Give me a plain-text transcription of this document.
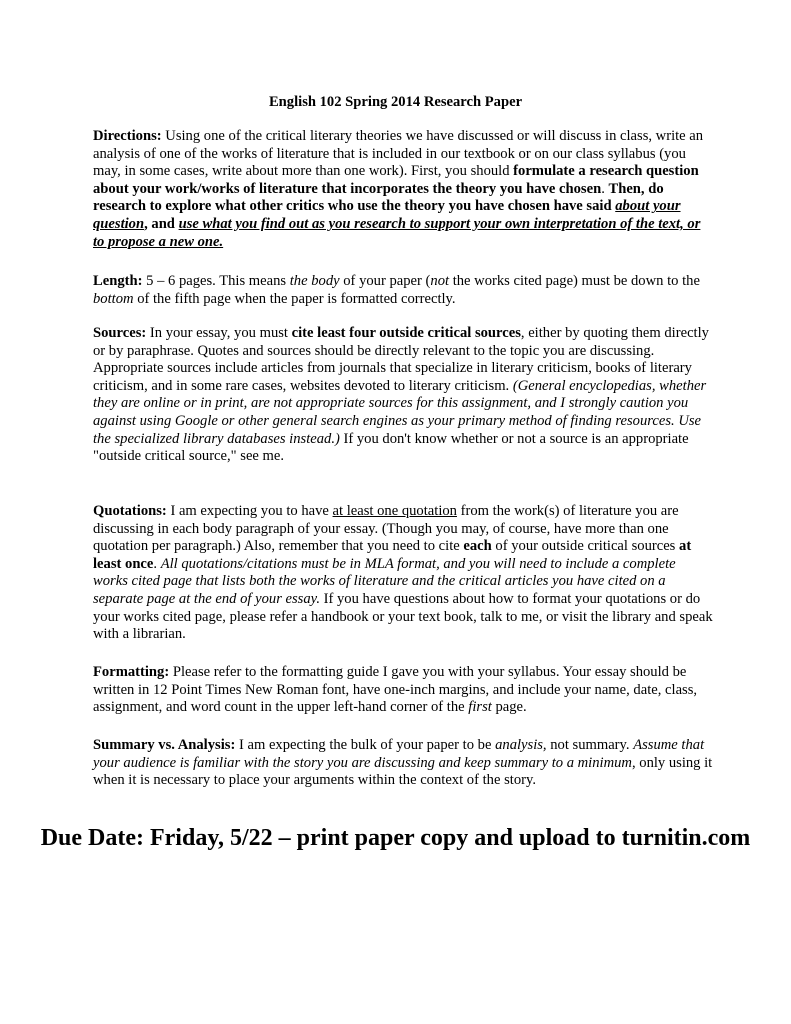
English 102 Spring 2014 Research Paper

Directions: Using one of the critical literary theories we have discussed or will discuss in class, write an analysis of one of the works of literature that is included in our textbook or on our class syllabus (you may, in some cases, write about more than one work). First, you should formulate a research question about your work/works of literature that incorporates the theory you have chosen. Then, do research to explore what other critics who use the theory you have chosen have said about your question, and use what you find out as you research to support your own interpretation of the text, or to propose a new one.

Length: 5 – 6 pages. This means the body of your paper (not the works cited page) must be down to the bottom of the fifth page when the paper is formatted correctly.

Sources: In your essay, you must cite least four outside critical sources, either by quoting them directly or by paraphrase. Quotes and sources should be directly relevant to the topic you are discussing. Appropriate sources include articles from journals that specialize in literary criticism, books of literary criticism, and in some rare cases, websites devoted to literary criticism. (General encyclopedias, whether they are online or in print, are not appropriate sources for this assignment, and I strongly caution you against using Google or other general search engines as your primary method of finding resources. Use the specialized library databases instead.) If you don't know whether or not a source is an appropriate "outside critical source," see me.

Quotations: I am expecting you to have at least one quotation from the work(s) of literature you are discussing in each body paragraph of your essay. (Though you may, of course, have more than one quotation per paragraph.) Also, remember that you need to cite each of your outside critical sources at least once. All quotations/citations must be in MLA format, and you will need to include a complete works cited page that lists both the works of literature and the critical articles you have cited on a separate page at the end of your essay. If you have questions about how to format your quotations or do your works cited page, please refer a handbook or your text book, talk to me, or visit the library and speak with a librarian.

Formatting: Please refer to the formatting guide I gave you with your syllabus. Your essay should be written in 12 Point Times New Roman font, have one-inch margins, and include your name, date, class, assignment, and word count in the upper left-hand corner of the first page.

Summary vs. Analysis: I am expecting the bulk of your paper to be analysis, not summary. Assume that your audience is familiar with the story you are discussing and keep summary to a minimum, only using it when it is necessary to place your arguments within the context of the story.

Due Date: Friday, 5/22 – print paper copy and upload to turnitin.com
